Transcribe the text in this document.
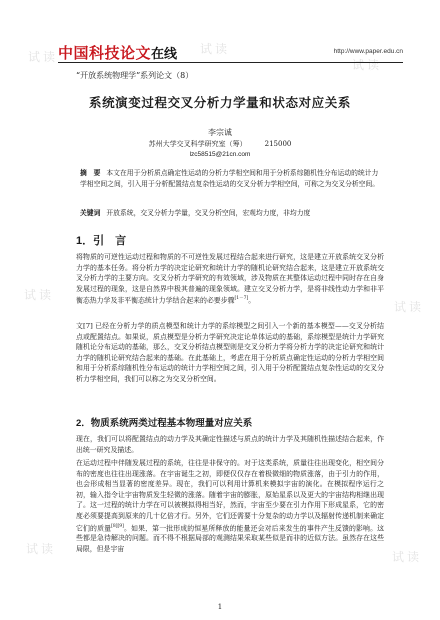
试读
试读
试读
试读
试读
试读
试读
中国科技论文 在线	http://www.paper.edu.cn
“开放系统物理学”系列论文（8）
系统演变过程交叉分析力学量和状态对应关系
李宗诚
苏州大学交叉科学研究室（筹）	215000
lzc58515@21cn.com
摘　要 本文在用于分析质点确定性运动的分析力学相空间和用于分析系综随机性分布运动的统计力学相空间之间，引入用于分析配置结点复杂性运动的交叉分析力学相空间，可称之为交叉分析空间。
关键词 开放系统，交叉分析力学量，交叉分析空间，宏观均力度，非均力度
1．引　言
将物质的可逆性运动过程和物质的不可逆性发展过程结合起来进行研究，这是建立开放系统交叉分析力学的基本任务。将分析力学的决定论研究和统计力学的随机论研究结合起来，这是建立开放系统交叉分析力学的主要方向。交叉分析力学研究的有效领域，涉及物质在其整体运动过程中同时存在自身发展过程的现象，这是自然界中极其普遍的现象领域。建立交叉分析力学，是将非线性动力学和非平衡态热力学及非平衡态统计力学结合起来的必要步骤[1－7]。
文[7] 已经在分析力学的质点模型和统计力学的系综模型之间引入一个新的基本模型——交叉分析结点或配置结点。如果说，质点模型是分析力学研究决定论单体运动的基础，系综模型是统计力学研究随机论分布运动的基础，那么，交叉分析结点模型则是交叉分析力学将分析力学的决定论研究和统计力学的随机论研究结合起来的基础。在此基础上，考虑在用于分析质点确定性运动的分析力学相空间和用于分析系综随机性分布运动的统计力学相空间之间，引入用于分析配置结点复杂性运动的交叉分析力学相空间，我们可以称之为交叉分析空间。
2．物质系统两类过程基本物理量对应关系
现在，我们可以将配置结点的动力学及其确定性描述与质点的统计力学及其随机性描述结合起来，作出统一研究及描述。
在运动过程中伴随发展过程的系统，往往是非保守的。对于这类系统，质量往往出现变化，相空间分布的密度也往往出现涨落。在宇宙诞生之初，即便仅仅存在着极微细的物质涨落，由于引力的作用，也会形成相当显著的密度差异。现在，我们可以利用计算机来模拟宇宙的演化。在模拟程序运行之初，输入指令让宇宙物质发生轻微的涨落。随着宇宙的膨胀，原始星系以及更大的宇宙结构相继出现了。这一过程的统计力学在可以被模拟得相当好，然而，宇宙至少要在引力作用下形成星系，它的密度必须要提高到原来的几十亿倍才行。另外，它们还需要十分复杂的动力学以及辐射传递机制来确定它们的质量[8][9]。如果，第一批形成的恒星所释放的能量还会对后来发生的事件产生反馈的影响。这些都是急待解决的问题。而不得不根据局部的观测结果采取某些似是而非的近似方法。虽然存在这些局限，但是宇宙
1
